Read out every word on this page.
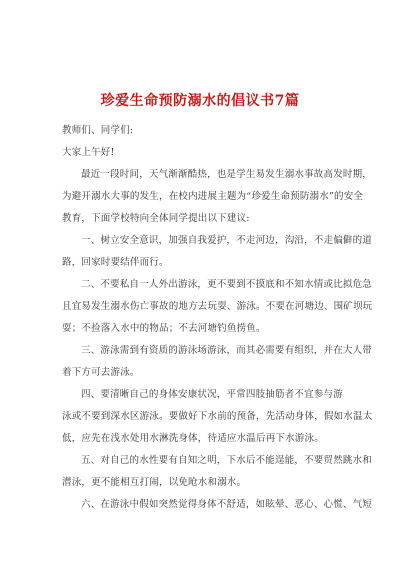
珍爱生命预防溺水的倡议书7篇
教师们、同学们:
大家上午好!
最近一段时间，天气渐渐酷热，也是学生易发生溺水事故高发时期，
为避开溺水大事的发生，在校内进展主题为“珍爱生命预防溺水”的安全
教育，下面学校特向全体同学提出以下建议:
一、树立安全意识，加强自我爱护，不走河边，沟沿，不走偏僻的道
路，回家时要结伴而行。
二、不要私自一人外出游泳，更不要到不摸底和不知水情或比拟危急
且宜易发生溺水伤亡事故的地方去玩耍、游泳。不要在河塘边、围矿坝玩
耍；不捡落入水中的物品；不去河塘钓鱼捞鱼。
三、游泳需到有资质的游泳场游泳，而其必需要有组织，并在大人带
着下方可去游泳。
四、要清晰自己的身体安康状况，平常四肢抽筋者不宜参与游
泳或不要到深水区游泳。要做好下水前的预备，先活动身体，假如水温太
低，应先在浅水处用水淋洗身体，待适应水温后再下水游泳。
五、对自己的水性要有自知之明，下水后不能逞能，不要贸然跳水和
潜泳，更不能相互打闹，以免呛水和溺水。
六、在游泳中假如突然觉得身体不舒适，如眩晕、恶心、心慌、气短
